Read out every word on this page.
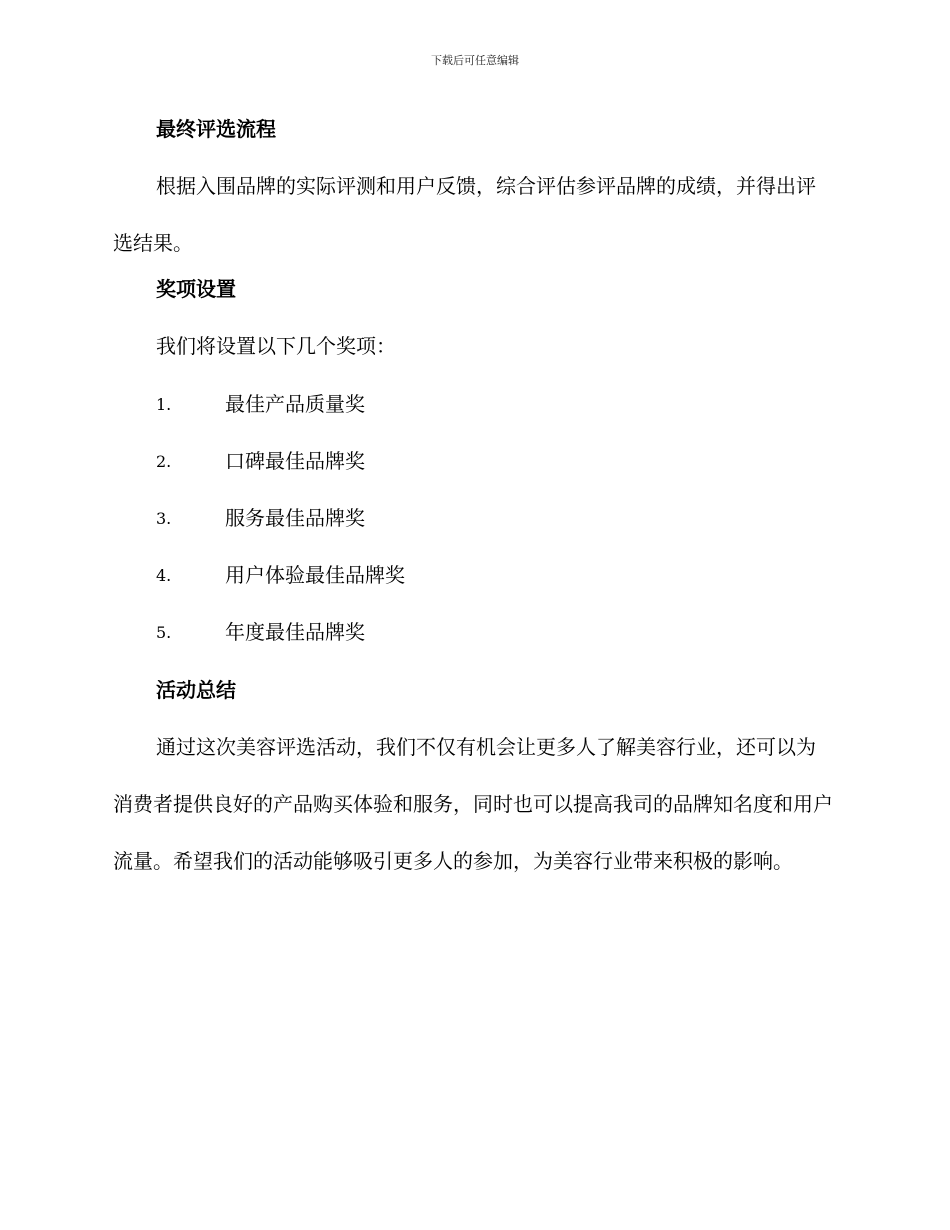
下载后可任意编辑
最终评选流程

根据入围品牌的实际评测和用户反馈，综合评估参评品牌的成绩，并得出评选结果。

奖项设置
我们将设置以下几个奖项：
1.	最佳产品质量奖
2.	口碑最佳品牌奖
3.	服务最佳品牌奖
4.	用户体验最佳品牌奖
5.	年度最佳品牌奖
活动总结

通过这次美容评选活动，我们不仅有机会让更多人了解美容行业，还可以为消费者提供良好的产品购买体验和服务，同时也可以提高我司的品牌知名度和用户流量。希望我们的活动能够吸引更多人的参加，为美容行业带来积极的影响。
